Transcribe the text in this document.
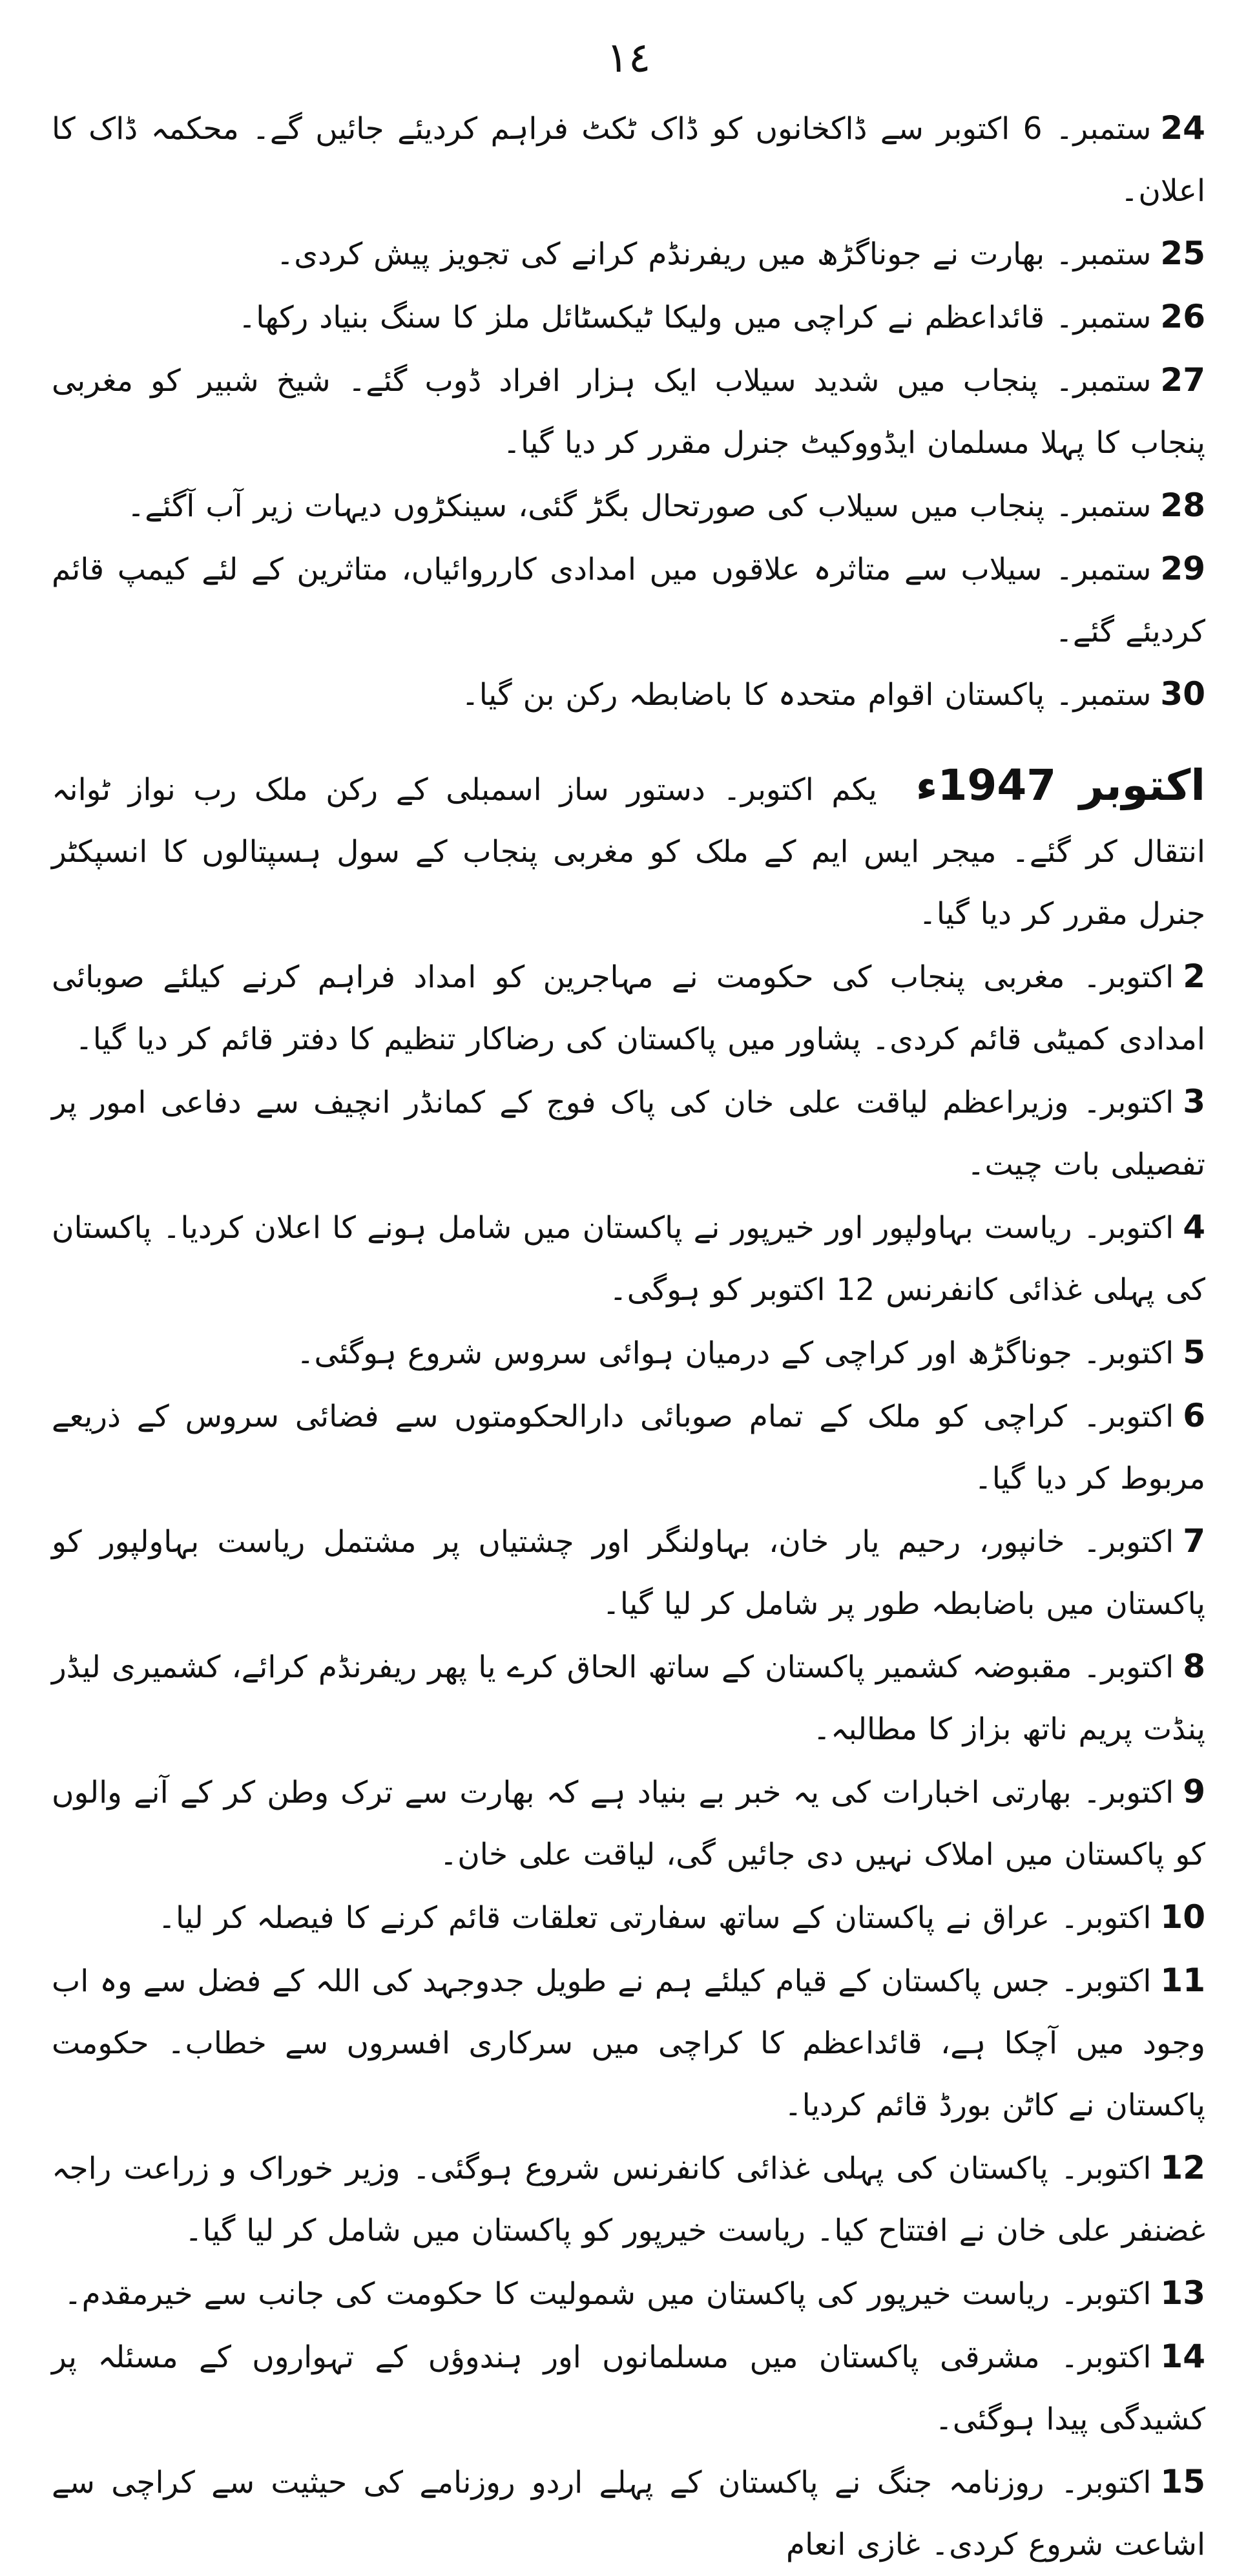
١٤
24ستمبر۔ 6 اکتوبر سے ڈاکخانوں کو ڈاک ٹکٹ فراہم کردیئے جائیں گے۔ محکمہ ڈاک کا اعلان۔
25ستمبر۔ بھارت نے جوناگڑھ میں ریفرنڈم کرانے کی تجویز پیش کردی۔
26ستمبر۔ قائداعظم نے کراچی میں ولیکا ٹیکسٹائل ملز کا سنگ بنیاد رکھا۔
27ستمبر۔ پنجاب میں شدید سیلاب ایک ہزار افراد ڈوب گئے۔ شیخ شبیر کو مغربی پنجاب کا پہلا مسلمان ایڈووکیٹ جنرل مقرر کر دیا گیا۔
28ستمبر۔ پنجاب میں سیلاب کی صورتحال بگڑ گئی، سینکڑوں دیہات زیر آب آگئے۔
29ستمبر۔ سیلاب سے متاثرہ علاقوں میں امدادی کارروائیاں، متاثرین کے لئے کیمپ قائم کردیئے گئے۔
30ستمبر۔ پاکستان اقوام متحدہ کا باضابطہ رکن بن گیا۔
اکتوبر 1947ءیکم اکتوبر۔ دستور ساز اسمبلی کے رکن ملک رب نواز ٹوانہ انتقال کر گئے۔ میجر ایس ایم کے ملک کو مغربی پنجاب کے سول ہسپتالوں کا انسپکٹر جنرل مقرر کر دیا گیا۔
2اکتوبر۔ مغربی پنجاب کی حکومت نے مہاجرین کو امداد فراہم کرنے کیلئے صوبائی امدادی کمیٹی قائم کردی۔ پشاور میں پاکستان کی رضاکار تنظیم کا دفتر قائم کر دیا گیا۔
3اکتوبر۔ وزیراعظم لیاقت علی خان کی پاک فوج کے کمانڈر انچیف سے دفاعی امور پر تفصیلی بات چیت۔
4اکتوبر۔ ریاست بہاولپور اور خیرپور نے پاکستان میں شامل ہونے کا اعلان کردیا۔ پاکستان کی پہلی غذائی کانفرنس 12 اکتوبر کو ہوگی۔
5اکتوبر۔ جوناگڑھ اور کراچی کے درمیان ہوائی سروس شروع ہوگئی۔
6اکتوبر۔ کراچی کو ملک کے تمام صوبائی دارالحکومتوں سے فضائی سروس کے ذریعے مربوط کر دیا گیا۔
7اکتوبر۔ خانپور، رحیم یار خان، بہاولنگر اور چشتیاں پر مشتمل ریاست بہاولپور کو پاکستان میں باضابطہ طور پر شامل کر لیا گیا۔
8اکتوبر۔ مقبوضہ کشمیر پاکستان کے ساتھ الحاق کرے یا پھر ریفرنڈم کرائے، کشمیری لیڈر پنڈت پریم ناتھ بزاز کا مطالبہ۔
9اکتوبر۔ بھارتی اخبارات کی یہ خبر بے بنیاد ہے کہ بھارت سے ترک وطن کر کے آنے والوں کو پاکستان میں املاک نہیں دی جائیں گی، لیاقت علی خان۔
10اکتوبر۔ عراق نے پاکستان کے ساتھ سفارتی تعلقات قائم کرنے کا فیصلہ کر لیا۔
11اکتوبر۔ جس پاکستان کے قیام کیلئے ہم نے طویل جدوجہد کی اللہ کے فضل سے وہ اب وجود میں آچکا ہے، قائداعظم کا کراچی میں سرکاری افسروں سے خطاب۔ حکومت پاکستان نے کاٹن بورڈ قائم کردیا۔
12اکتوبر۔ پاکستان کی پہلی غذائی کانفرنس شروع ہوگئی۔ وزیر خوراک و زراعت راجہ غضنفر علی خان نے افتتاح کیا۔ ریاست خیرپور کو پاکستان میں شامل کر لیا گیا۔
13اکتوبر۔ ریاست خیرپور کی پاکستان میں شمولیت کا حکومت کی جانب سے خیرمقدم۔
14اکتوبر۔ مشرقی پاکستان میں مسلمانوں اور ہندوؤں کے تہواروں کے مسئلہ پر کشیدگی پیدا ہوگئی۔
15اکتوبر۔ روزنامہ جنگ نے پاکستان کے پہلے اردو روزنامے کی حیثیت سے کراچی سے اشاعت شروع کردی۔ غازی انعام
